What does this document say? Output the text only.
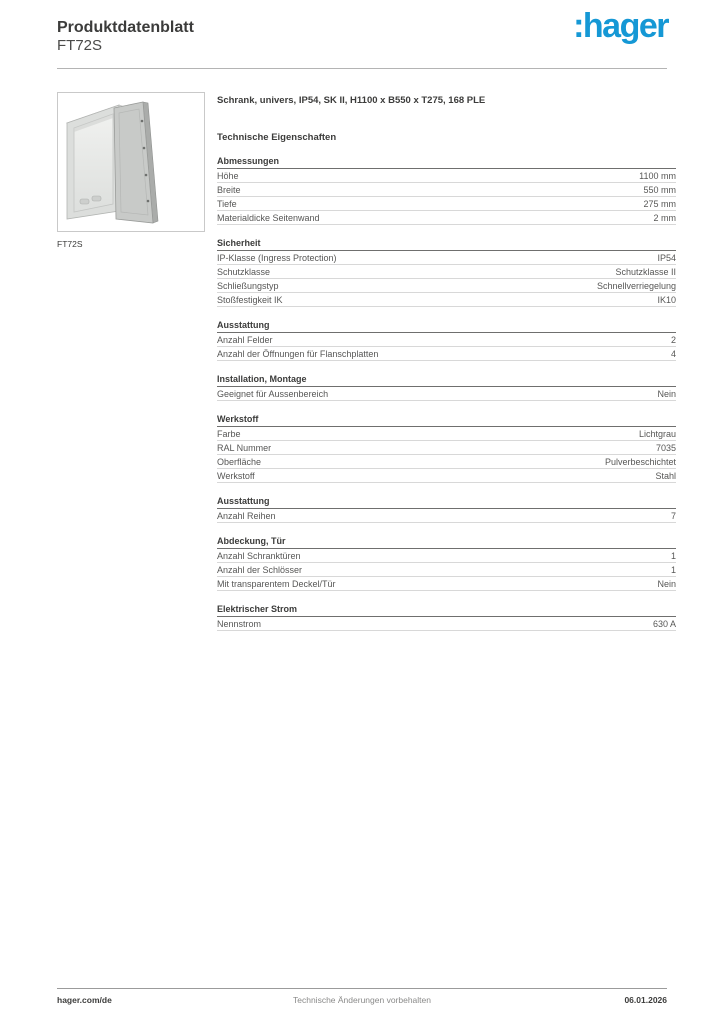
Produktdatenblatt
FT72S
:hager
FT72S
Schrank, univers, IP54, SK II, H1100 x B550 x T275, 168 PLE
Technische Eigenschaften
Abmessungen
Höhe	1100 mm
Breite	550 mm
Tiefe	275 mm
Materialdicke Seitenwand	2 mm
Sicherheit
IP-Klasse (Ingress Protection)	IP54
Schutzklasse	Schutzklasse II
Schließungstyp	Schnellverriegelung
Stoßfestigkeit IK	IK10
Ausstattung
Anzahl Felder	2
Anzahl der Öffnungen für Flanschplatten	4
Installation, Montage
Geeignet für Aussenbereich	Nein
Werkstoff
Farbe	Lichtgrau
RAL Nummer	7035
Oberfläche	Pulverbeschichtet
Werkstoff	Stahl
Ausstattung
Anzahl Reihen	7
Abdeckung, Tür
Anzahl Schranktüren	1
Anzahl der Schlösser	1
Mit transparentem Deckel/Tür	Nein
Elektrischer Strom
Nennstrom	630 A
hager.com/de	Technische Änderungen vorbehalten	06.01.2026
